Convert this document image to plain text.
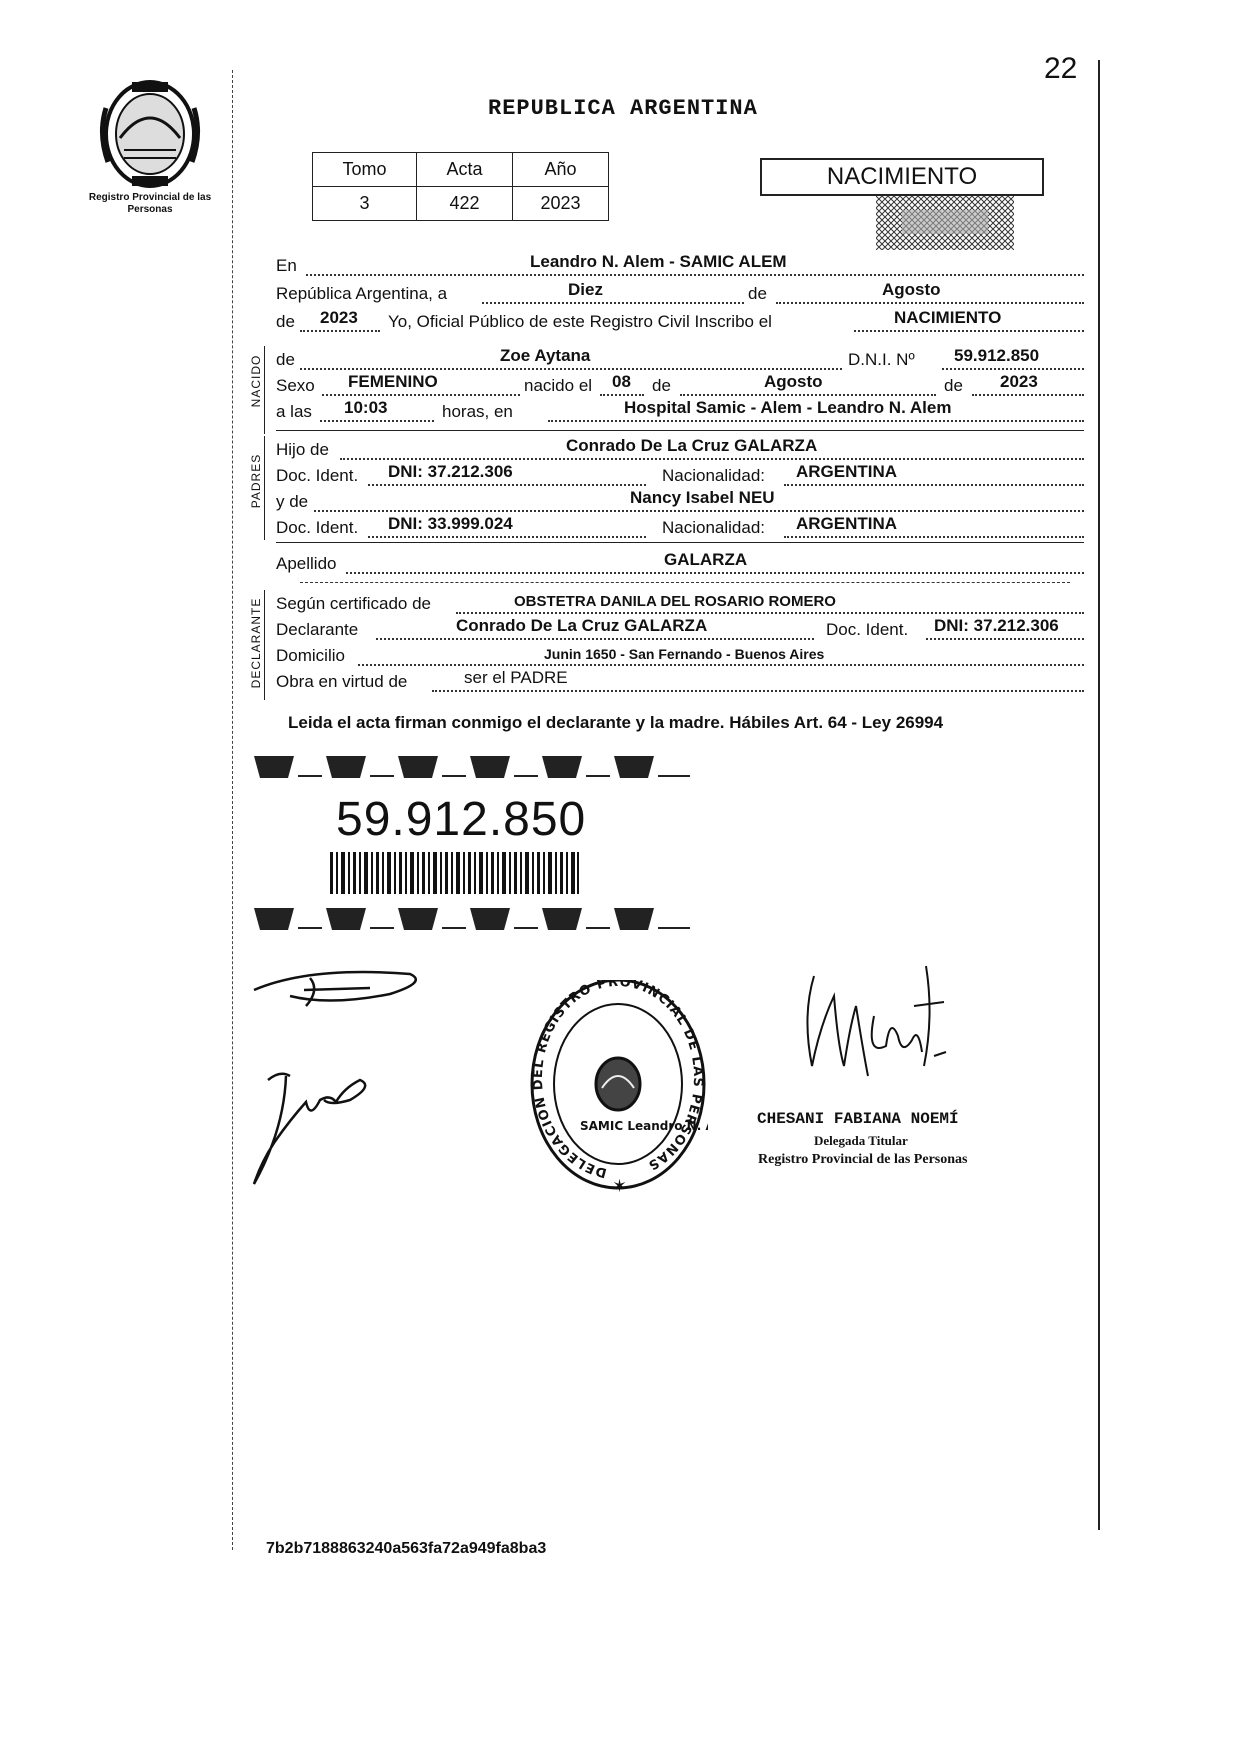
22
Registro Provincial de las Personas
REPUBLICA ARGENTINA
Tomo	Acta	Año
3	422	2023
NACIMIENTO
En	Leandro N. Alem - SAMIC ALEM
República Argentina, a	Diez	de	Agosto
de 2023 Yo, Oficial Público de este Registro Civil Inscribo el	NACIMIENTO
NACIDO de	Zoe Aytana	D.N.I. Nº 59.912.850
Sexo FEMENINO	nacido el 08 de	Agosto	de 2023
a las 10:03	horas, en	Hospital Samic - Alem - Leandro N. Alem
PADRES
Hijo de	Conrado De La Cruz GALARZA
Doc. Ident. DNI: 37.212.306	Nacionalidad: ARGENTINA
y de	Nancy Isabel NEU
Doc. Ident. DNI: 33.999.024	Nacionalidad: ARGENTINA
Apellido	GALARZA
DECLARANTE Según certificado de	OBSTETRA DANILA DEL ROSARIO ROMERO
Declarante	Conrado De La Cruz GALARZA	Doc. Ident. DNI: 37.212.306
Domicilio	Junin 1650 - San Fernando - Buenos Aires
Obra en virtud de	ser el PADRE
Leida el acta firman conmigo el declarante y la madre. Hábiles Art. 64 - Ley 26994
59.912.850
DELEGACION DEL REGISTRO PROVINCIAL DE LAS PERSONAS
SAMIC Leandro N.
✶
CHESANI FABIANA NOEMÍ
Delegada Titular
Registro Provincial de las Personas
7b2b7188863240a563fa72a949fa8ba3
